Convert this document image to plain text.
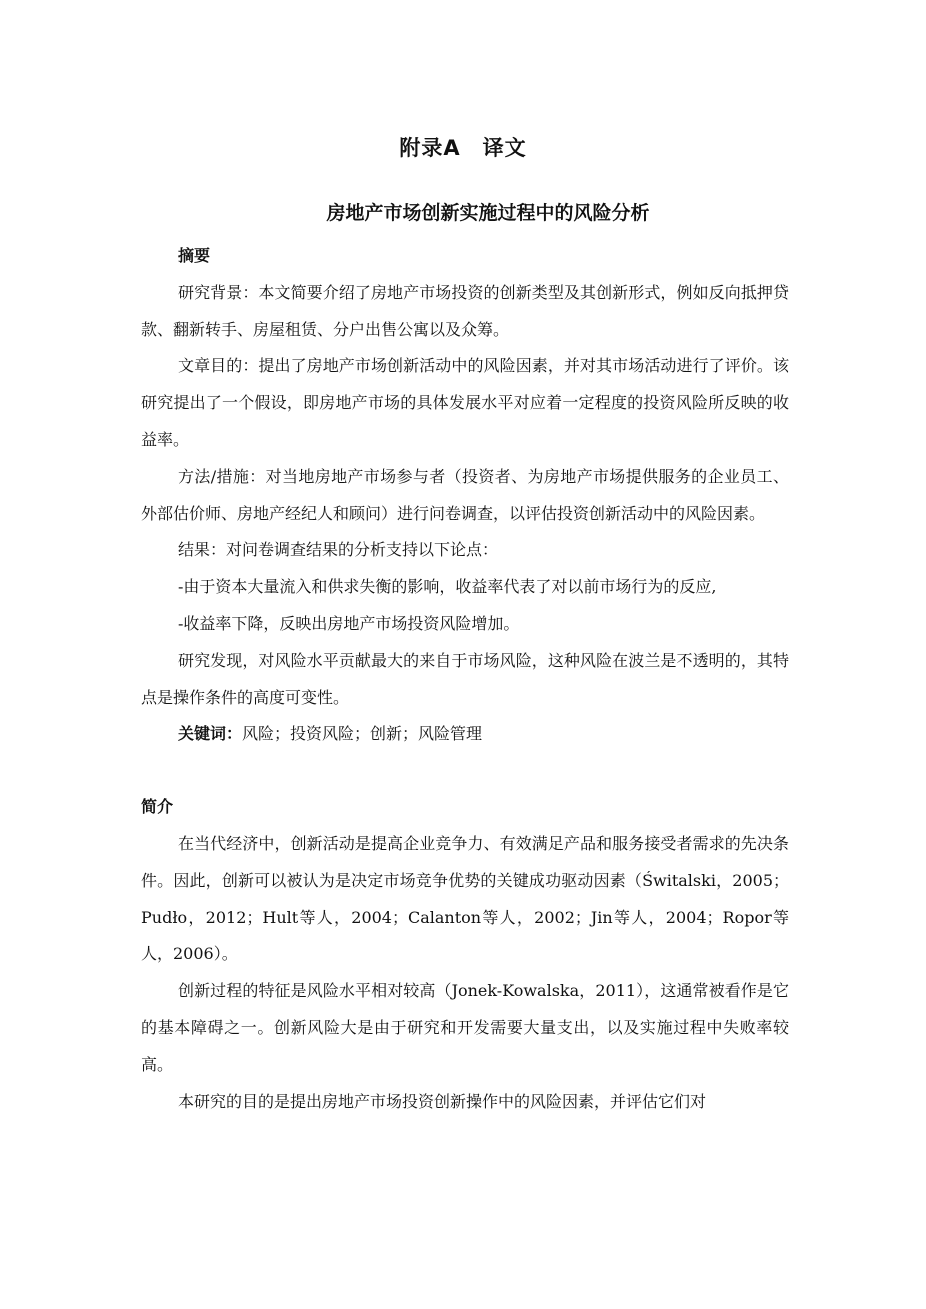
附录A　译文
房地产市场创新实施过程中的风险分析

摘要

研究背景：本文简要介绍了房地产市场投资的创新类型及其创新形式，例如反向抵押贷款、翻新转手、房屋租赁、分户出售公寓以及众筹。

文章目的：提出了房地产市场创新活动中的风险因素，并对其市场活动进行了评价。该研究提出了一个假设，即房地产市场的具体发展水平对应着一定程度的投资风险所反映的收益率。

方法/措施：对当地房地产市场参与者（投资者、为房地产市场提供服务的企业员工、外部估价师、房地产经纪人和顾问）进行问卷调查，以评估投资创新活动中的风险因素。

结果：对问卷调查结果的分析支持以下论点：

-由于资本大量流入和供求失衡的影响，收益率代表了对以前市场行为的反应,

-收益率下降，反映出房地产市场投资风险增加。

研究发现，对风险水平贡献最大的来自于市场风险，这种风险在波兰是不透明的，其特点是操作条件的高度可变性。

关键词：风险；投资风险；创新；风险管理

简介

在当代经济中，创新活动是提高企业竞争力、有效满足产品和服务接受者需求的先决条件。因此，创新可以被认为是决定市场竞争优势的关键成功驱动因素（Świtalski，2005；Pudło，2012；Hult等人，2004；Calanton等人，2002；Jin等人，2004；Ropor等人，2006）。

创新过程的特征是风险水平相对较高（Jonek-Kowalska，2011），这通常被看作是它的基本障碍之一。创新风险大是由于研究和开发需要大量支出，以及实施过程中失败率较高。

本研究的目的是提出房地产市场投资创新操作中的风险因素，并评估它们对
